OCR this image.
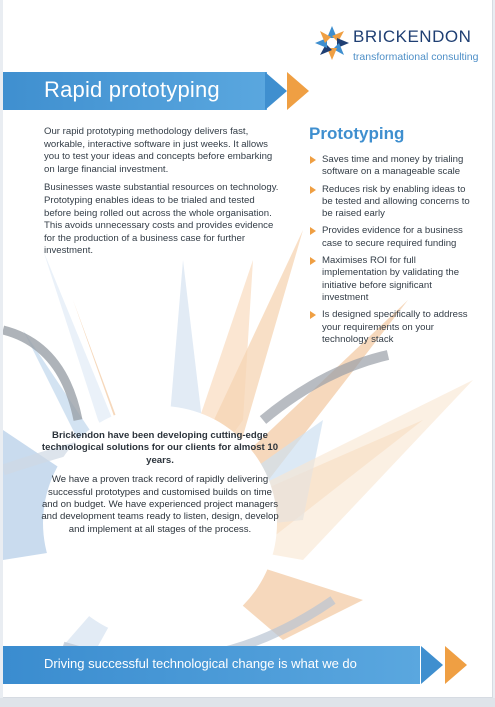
BRICKENDON
transformational consulting
Rapid prototyping

Our rapid prototyping methodology delivers fast, workable, interactive software in just weeks. It allows you to test your ideas and concepts before embarking on large financial investment.

Businesses waste substantial resources on technology. Prototyping enables ideas to be trialed and tested before being rolled out across the whole organisation. This avoids unnecessary costs and provides evidence for the production of a business case for further investment.

Prototyping
Saves time and money by trialing software on a manageable scale
Reduces risk by enabling ideas to be tested and allowing concerns to be raised early
Provides evidence for a business case to secure required funding
Maximises ROI for full implementation by validating the initiative before significant investment
Is designed specifically to address your requirements on your technology stack
Brickendon have been developing cutting-edge technological solutions for our clients for almost 10 years.
We have a proven track record of rapidly delivering successful prototypes and customised builds on time and on budget. We have experienced project managers and development teams ready to listen, design, develop and implement at all stages of the process.
Driving successful technological change is what we do
